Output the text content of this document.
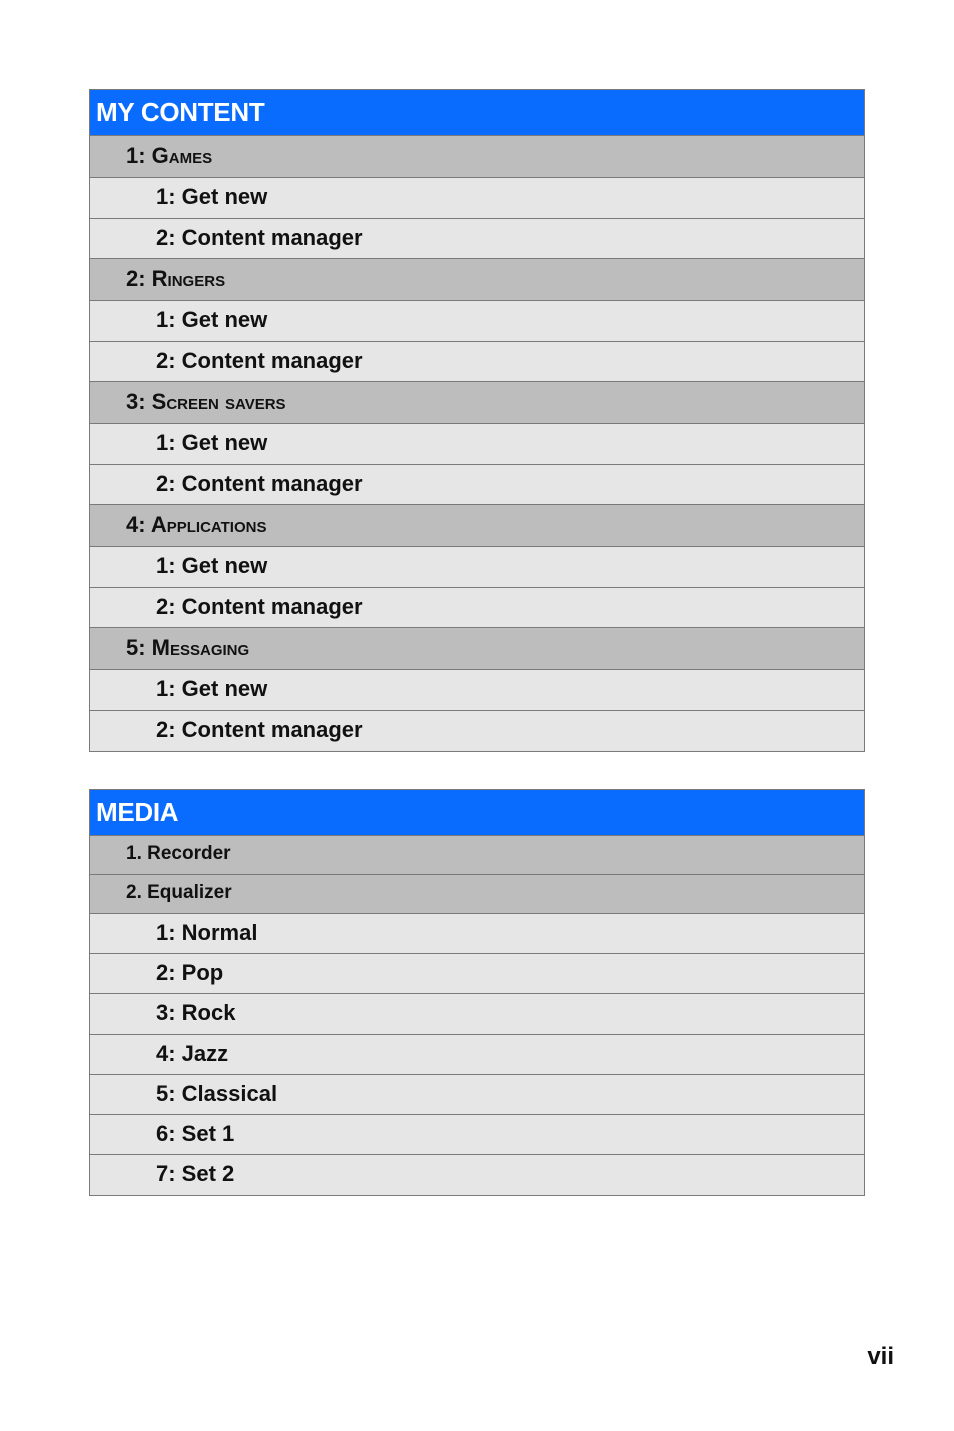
MY CONTENT
1: Games
1: Get new
2: Content manager
2: Ringers
1: Get new
2: Content manager
3: Screen savers
1: Get new
2: Content manager
4: Applications
1: Get new
2: Content manager
5: Messaging
1: Get new
2: Content manager
MEDIA
1. Recorder
2. Equalizer
1: Normal
2: Pop
3: Rock
4: Jazz
5: Classical
6: Set 1
7: Set 2
vii
